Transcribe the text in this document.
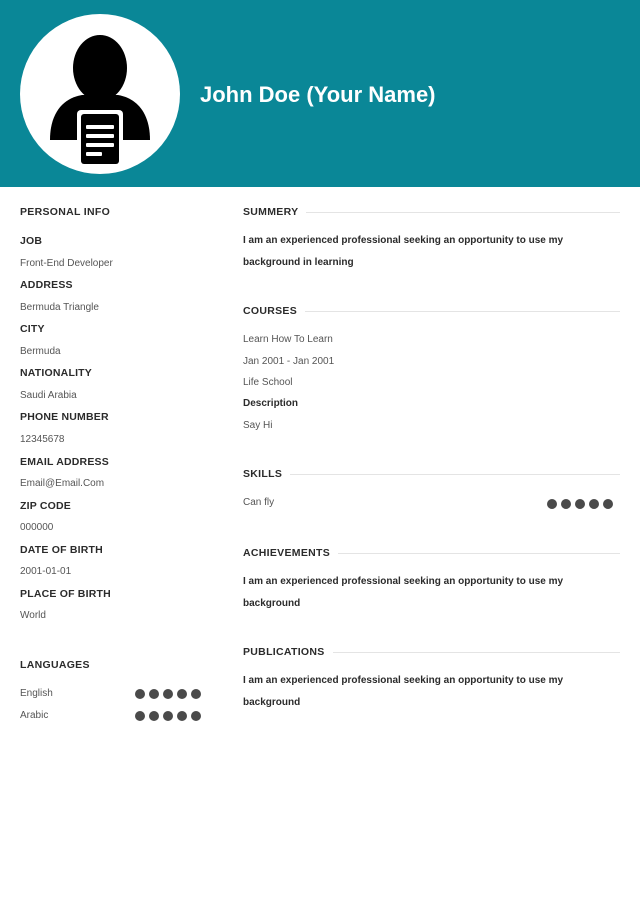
John Doe (Your Name)
PERSONAL INFO
JOB
Front-End Developer
ADDRESS
Bermuda Triangle
CITY
Bermuda
NATIONALITY
Saudi Arabia
PHONE NUMBER
12345678
EMAIL ADDRESS
Email@Email.Com
ZIP CODE
000000
DATE OF BIRTH
2001-01-01
PLACE OF BIRTH
World
LANGUAGES
English
Arabic
SUMMERY
I am an experienced professional seeking an opportunity to use my
background in learning
COURSES
Learn How To Learn
Jan 2001 - Jan 2001
Life School
Description
Say Hi
SKILLS
Can fly
ACHIEVEMENTS
I am an experienced professional seeking an opportunity to use my
background
PUBLICATIONS
I am an experienced professional seeking an opportunity to use my
background
